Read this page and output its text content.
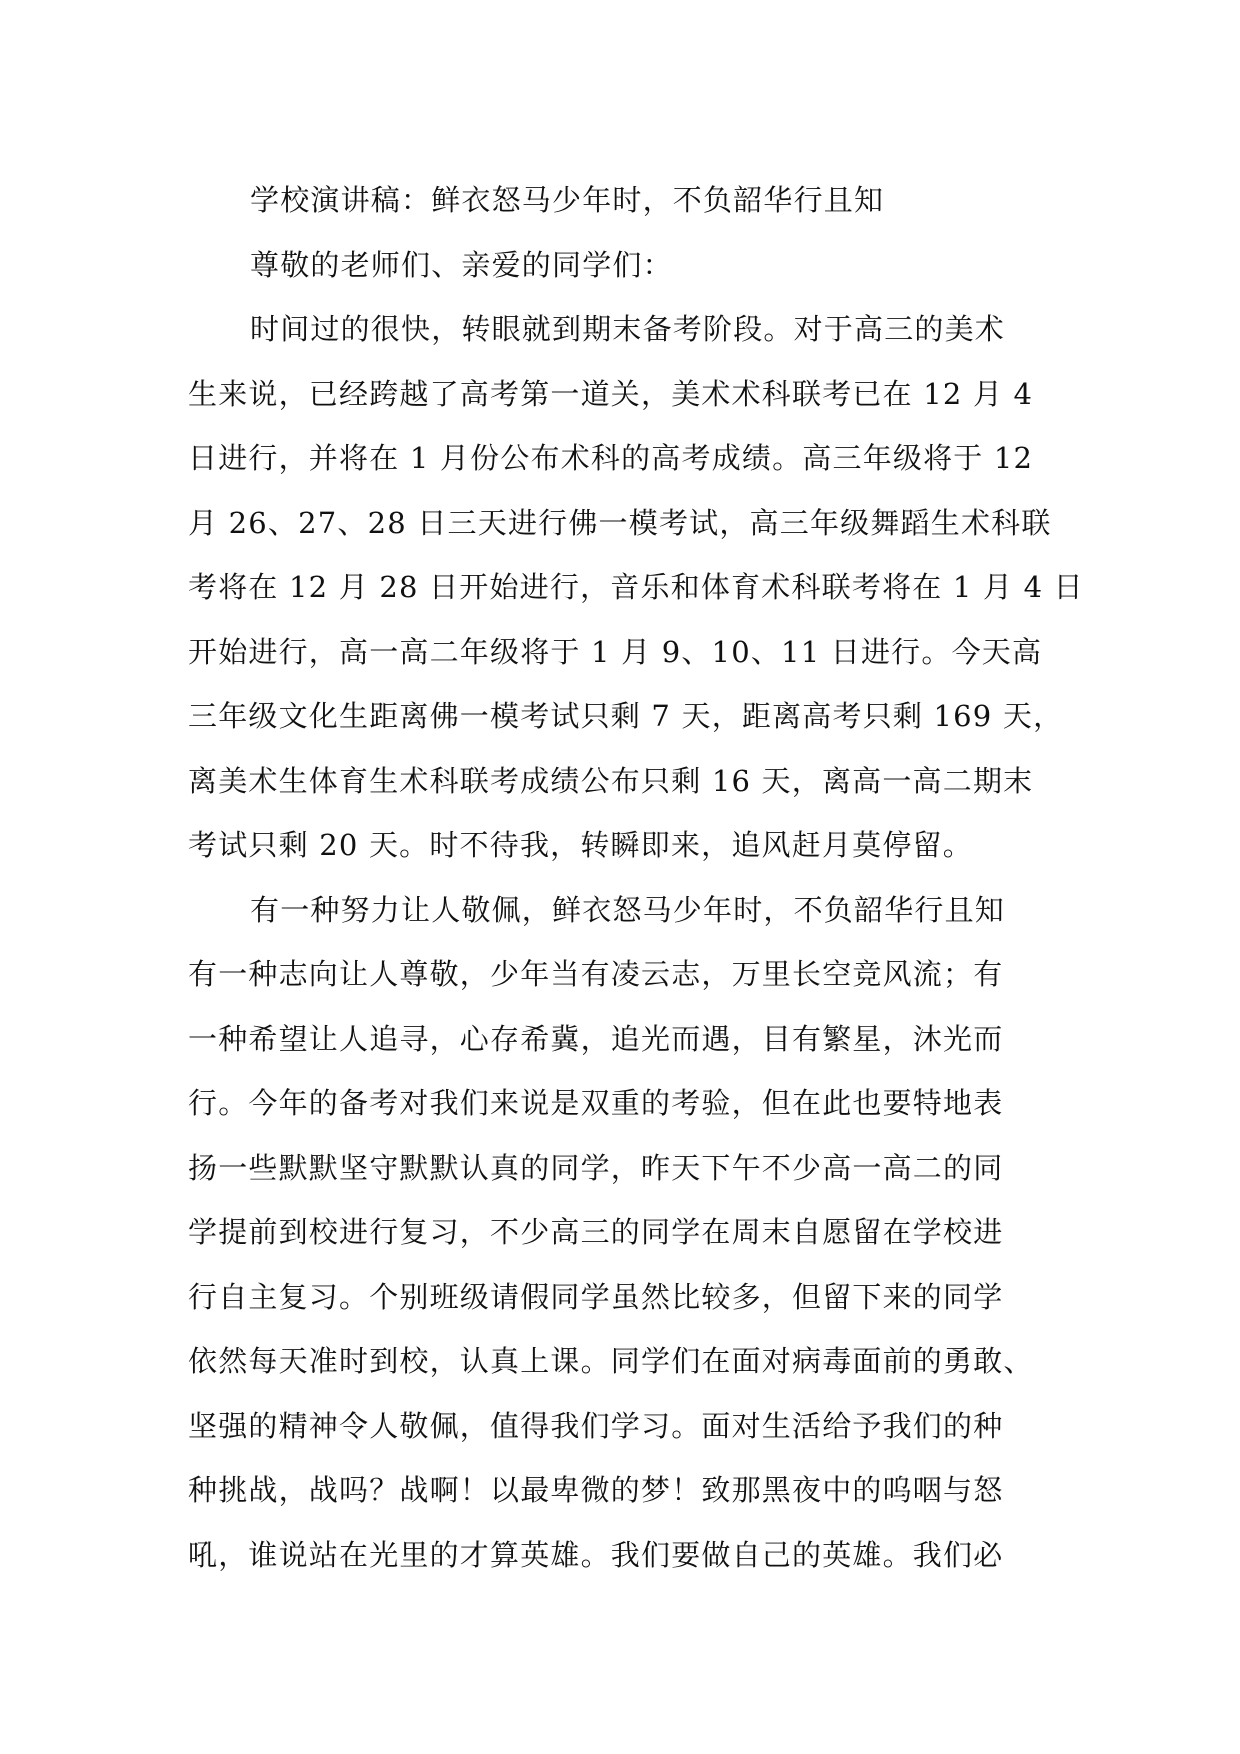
学校演讲稿：鲜衣怒马少年时，不负韶华行且知
尊敬的老师们、亲爱的同学们：
时间过的很快，转眼就到期末备考阶段。对于高三的美术
生来说，已经跨越了高考第一道关，美术术科联考已在 12 月 4
日进行，并将在 1 月份公布术科的高考成绩。高三年级将于 12
月 26、27、28 日三天进行佛一模考试，高三年级舞蹈生术科联
考将在 12 月 28 日开始进行，音乐和体育术科联考将在 1 月 4 日
开始进行，高一高二年级将于 1 月 9、10、11 日进行。今天高
三年级文化生距离佛一模考试只剩 7 天，距离高考只剩 169 天，
离美术生体育生术科联考成绩公布只剩 16 天，离高一高二期末
考试只剩 20 天。时不待我，转瞬即来，追风赶月莫停留。
有一种努力让人敬佩，鲜衣怒马少年时，不负韶华行且知
有一种志向让人尊敬，少年当有凌云志，万里长空竞风流；有
一种希望让人追寻，心存希冀，追光而遇，目有繁星，沐光而
行。今年的备考对我们来说是双重的考验，但在此也要特地表
扬一些默默坚守默默认真的同学，昨天下午不少高一高二的同
学提前到校进行复习，不少高三的同学在周末自愿留在学校进
行自主复习。个别班级请假同学虽然比较多，但留下来的同学
依然每天准时到校，认真上课。同学们在面对病毒面前的勇敢、
坚强的精神令人敬佩，值得我们学习。面对生活给予我们的种
种挑战，战吗？战啊！以最卑微的梦！致那黑夜中的呜咽与怒
吼，谁说站在光里的才算英雄。我们要做自己的英雄。我们必
